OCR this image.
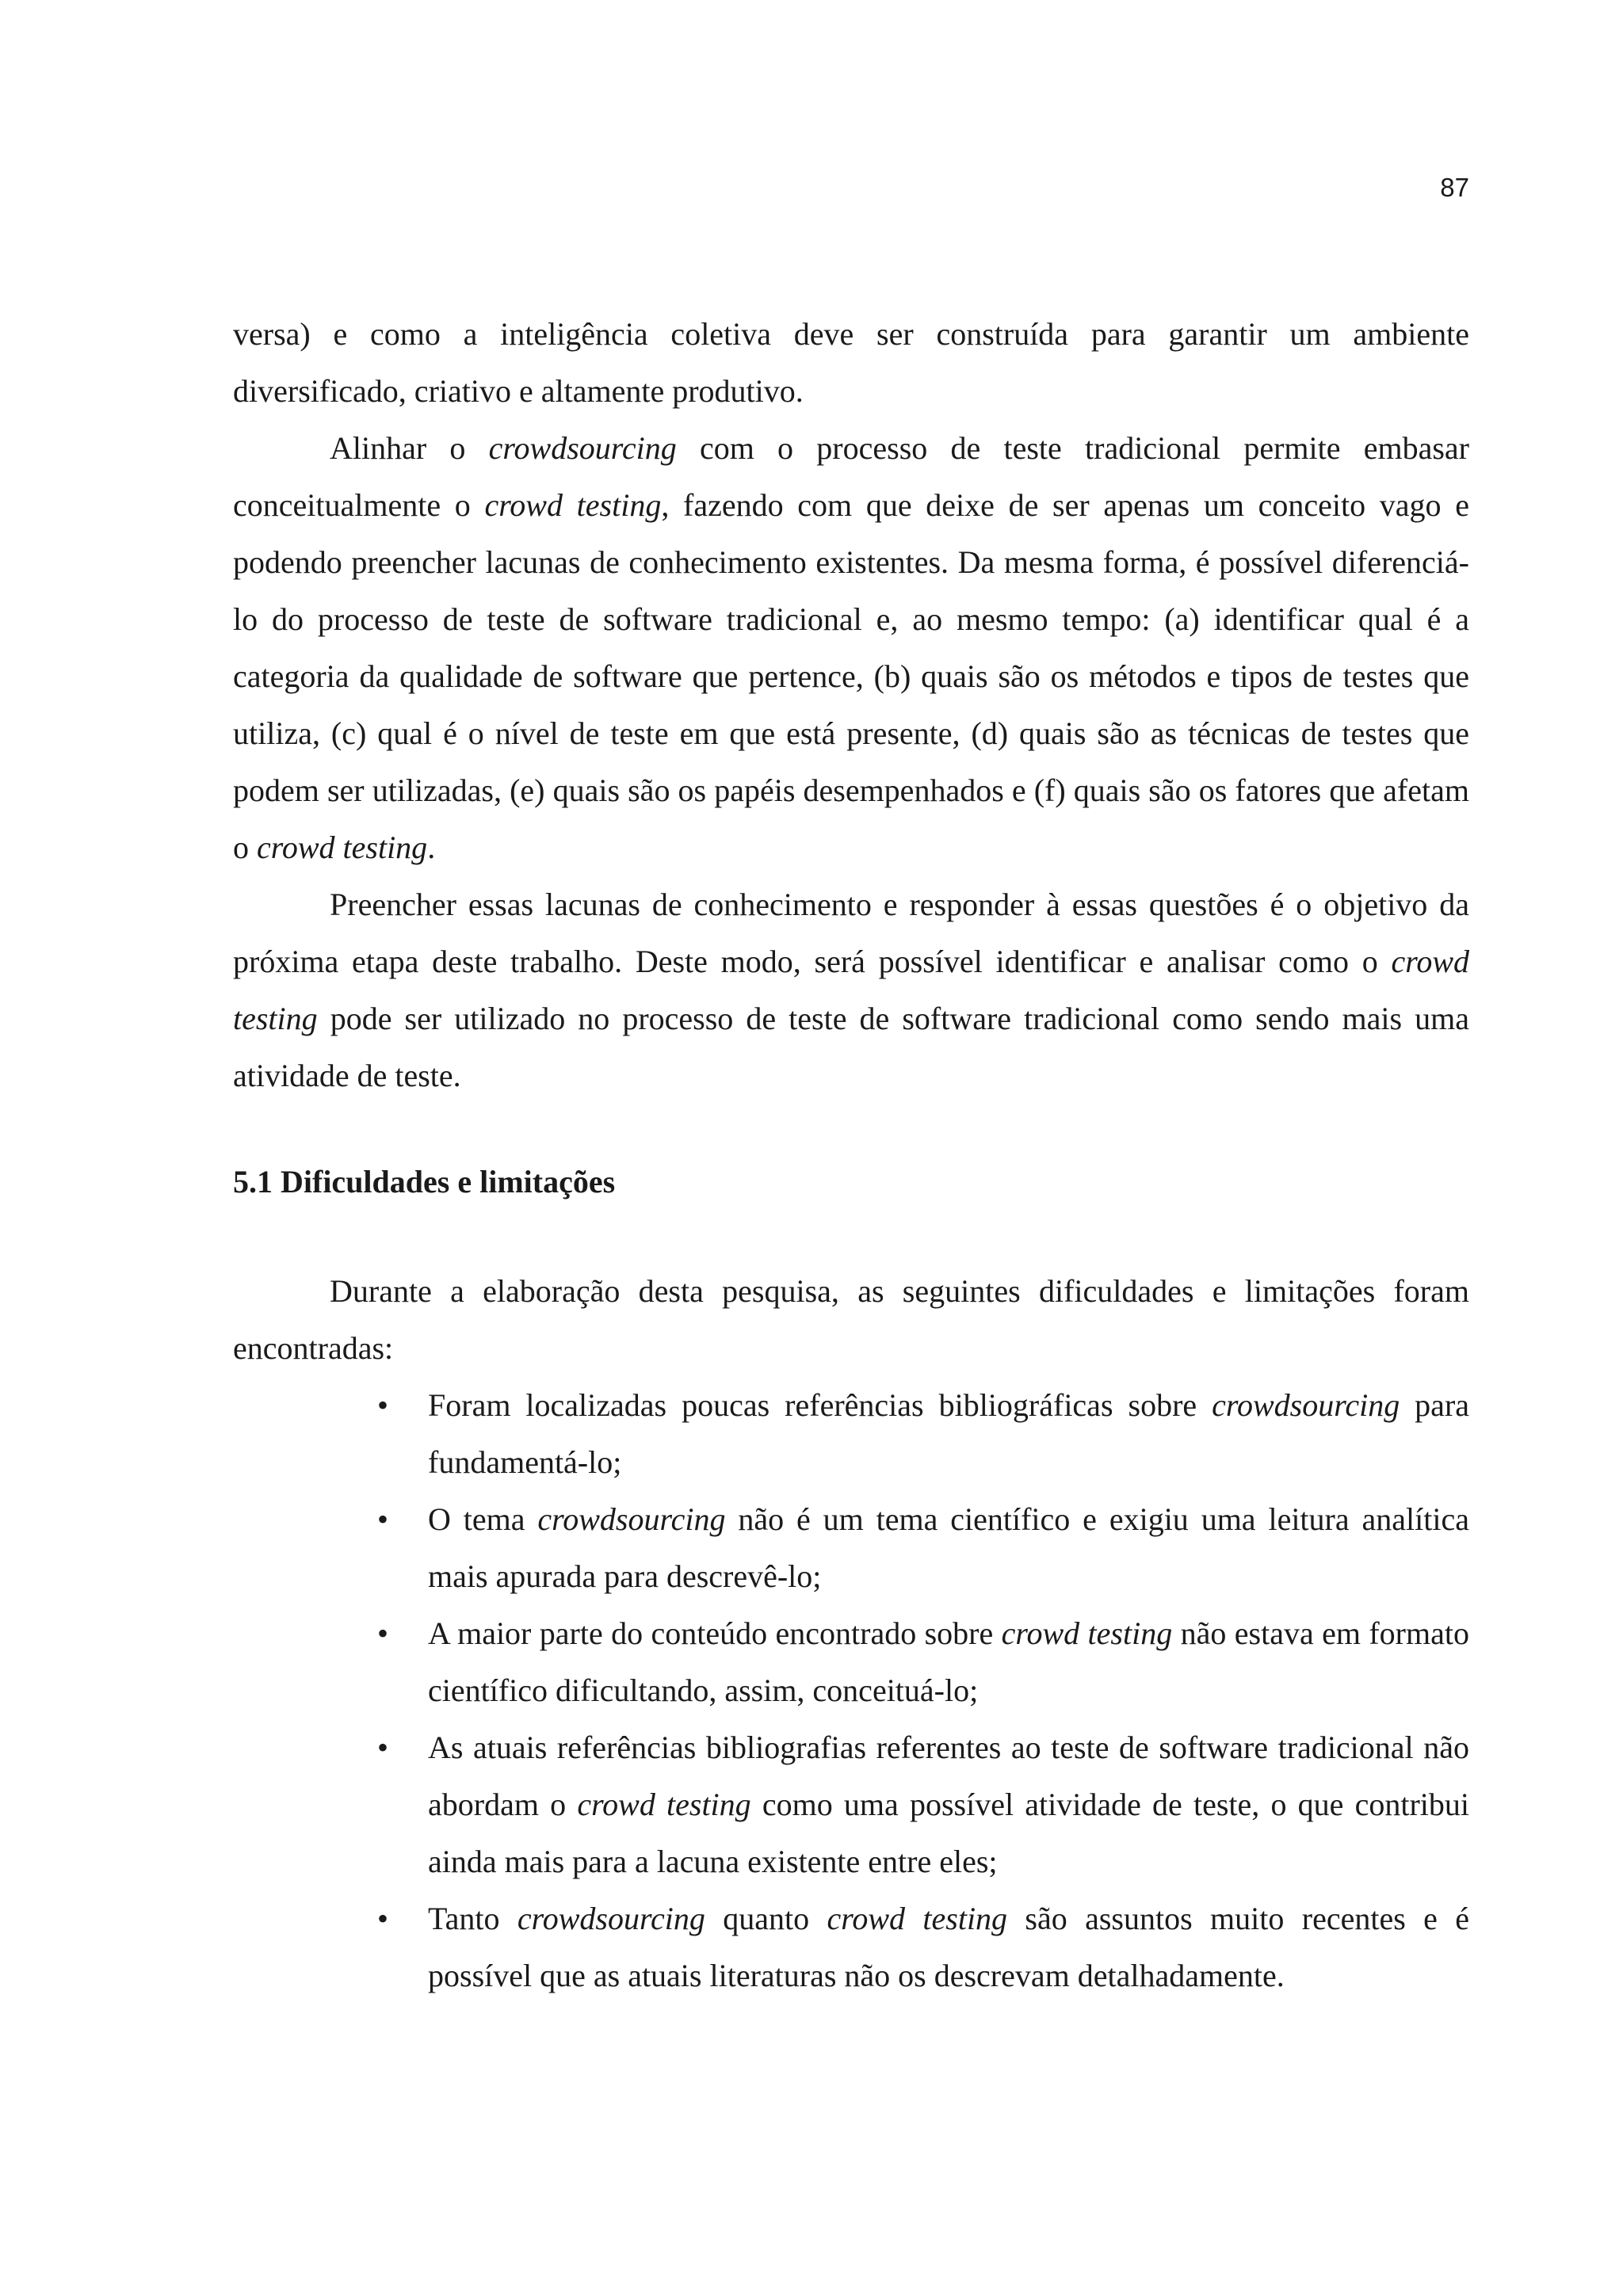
87

versa) e como a inteligência coletiva deve ser construída para garantir um ambiente diversificado, criativo e altamente produtivo.

Alinhar o crowdsourcing com o processo de teste tradicional permite embasar conceitualmente o crowd testing, fazendo com que deixe de ser apenas um conceito vago e podendo preencher lacunas de conhecimento existentes. Da mesma forma, é possível diferenciá-lo do processo de teste de software tradicional e, ao mesmo tempo: (a) identificar qual é a categoria da qualidade de software que pertence, (b) quais são os métodos e tipos de testes que utiliza, (c) qual é o nível de teste em que está presente, (d) quais são as técnicas de testes que podem ser utilizadas, (e) quais são os papéis desempenhados e (f) quais são os fatores que afetam o crowd testing.

Preencher essas lacunas de conhecimento e responder à essas questões é o objetivo da próxima etapa deste trabalho. Deste modo, será possível identificar e analisar como o crowd testing pode ser utilizado no processo de teste de software tradicional como sendo mais uma atividade de teste.

5.1 Dificuldades e limitações

Durante a elaboração desta pesquisa, as seguintes dificuldades e limitações foram encontradas:

• Foram localizadas poucas referências bibliográficas sobre crowdsourcing para fundamentá-lo;
• O tema crowdsourcing não é um tema científico e exigiu uma leitura analítica mais apurada para descrevê-lo;
• A maior parte do conteúdo encontrado sobre crowd testing não estava em formato científico dificultando, assim, conceituá-lo;
• As atuais referências bibliografias referentes ao teste de software tradicional não abordam o crowd testing como uma possível atividade de teste, o que contribui ainda mais para a lacuna existente entre eles;
• Tanto crowdsourcing quanto crowd testing são assuntos muito recentes e é possível que as atuais literaturas não os descrevam detalhadamente.
